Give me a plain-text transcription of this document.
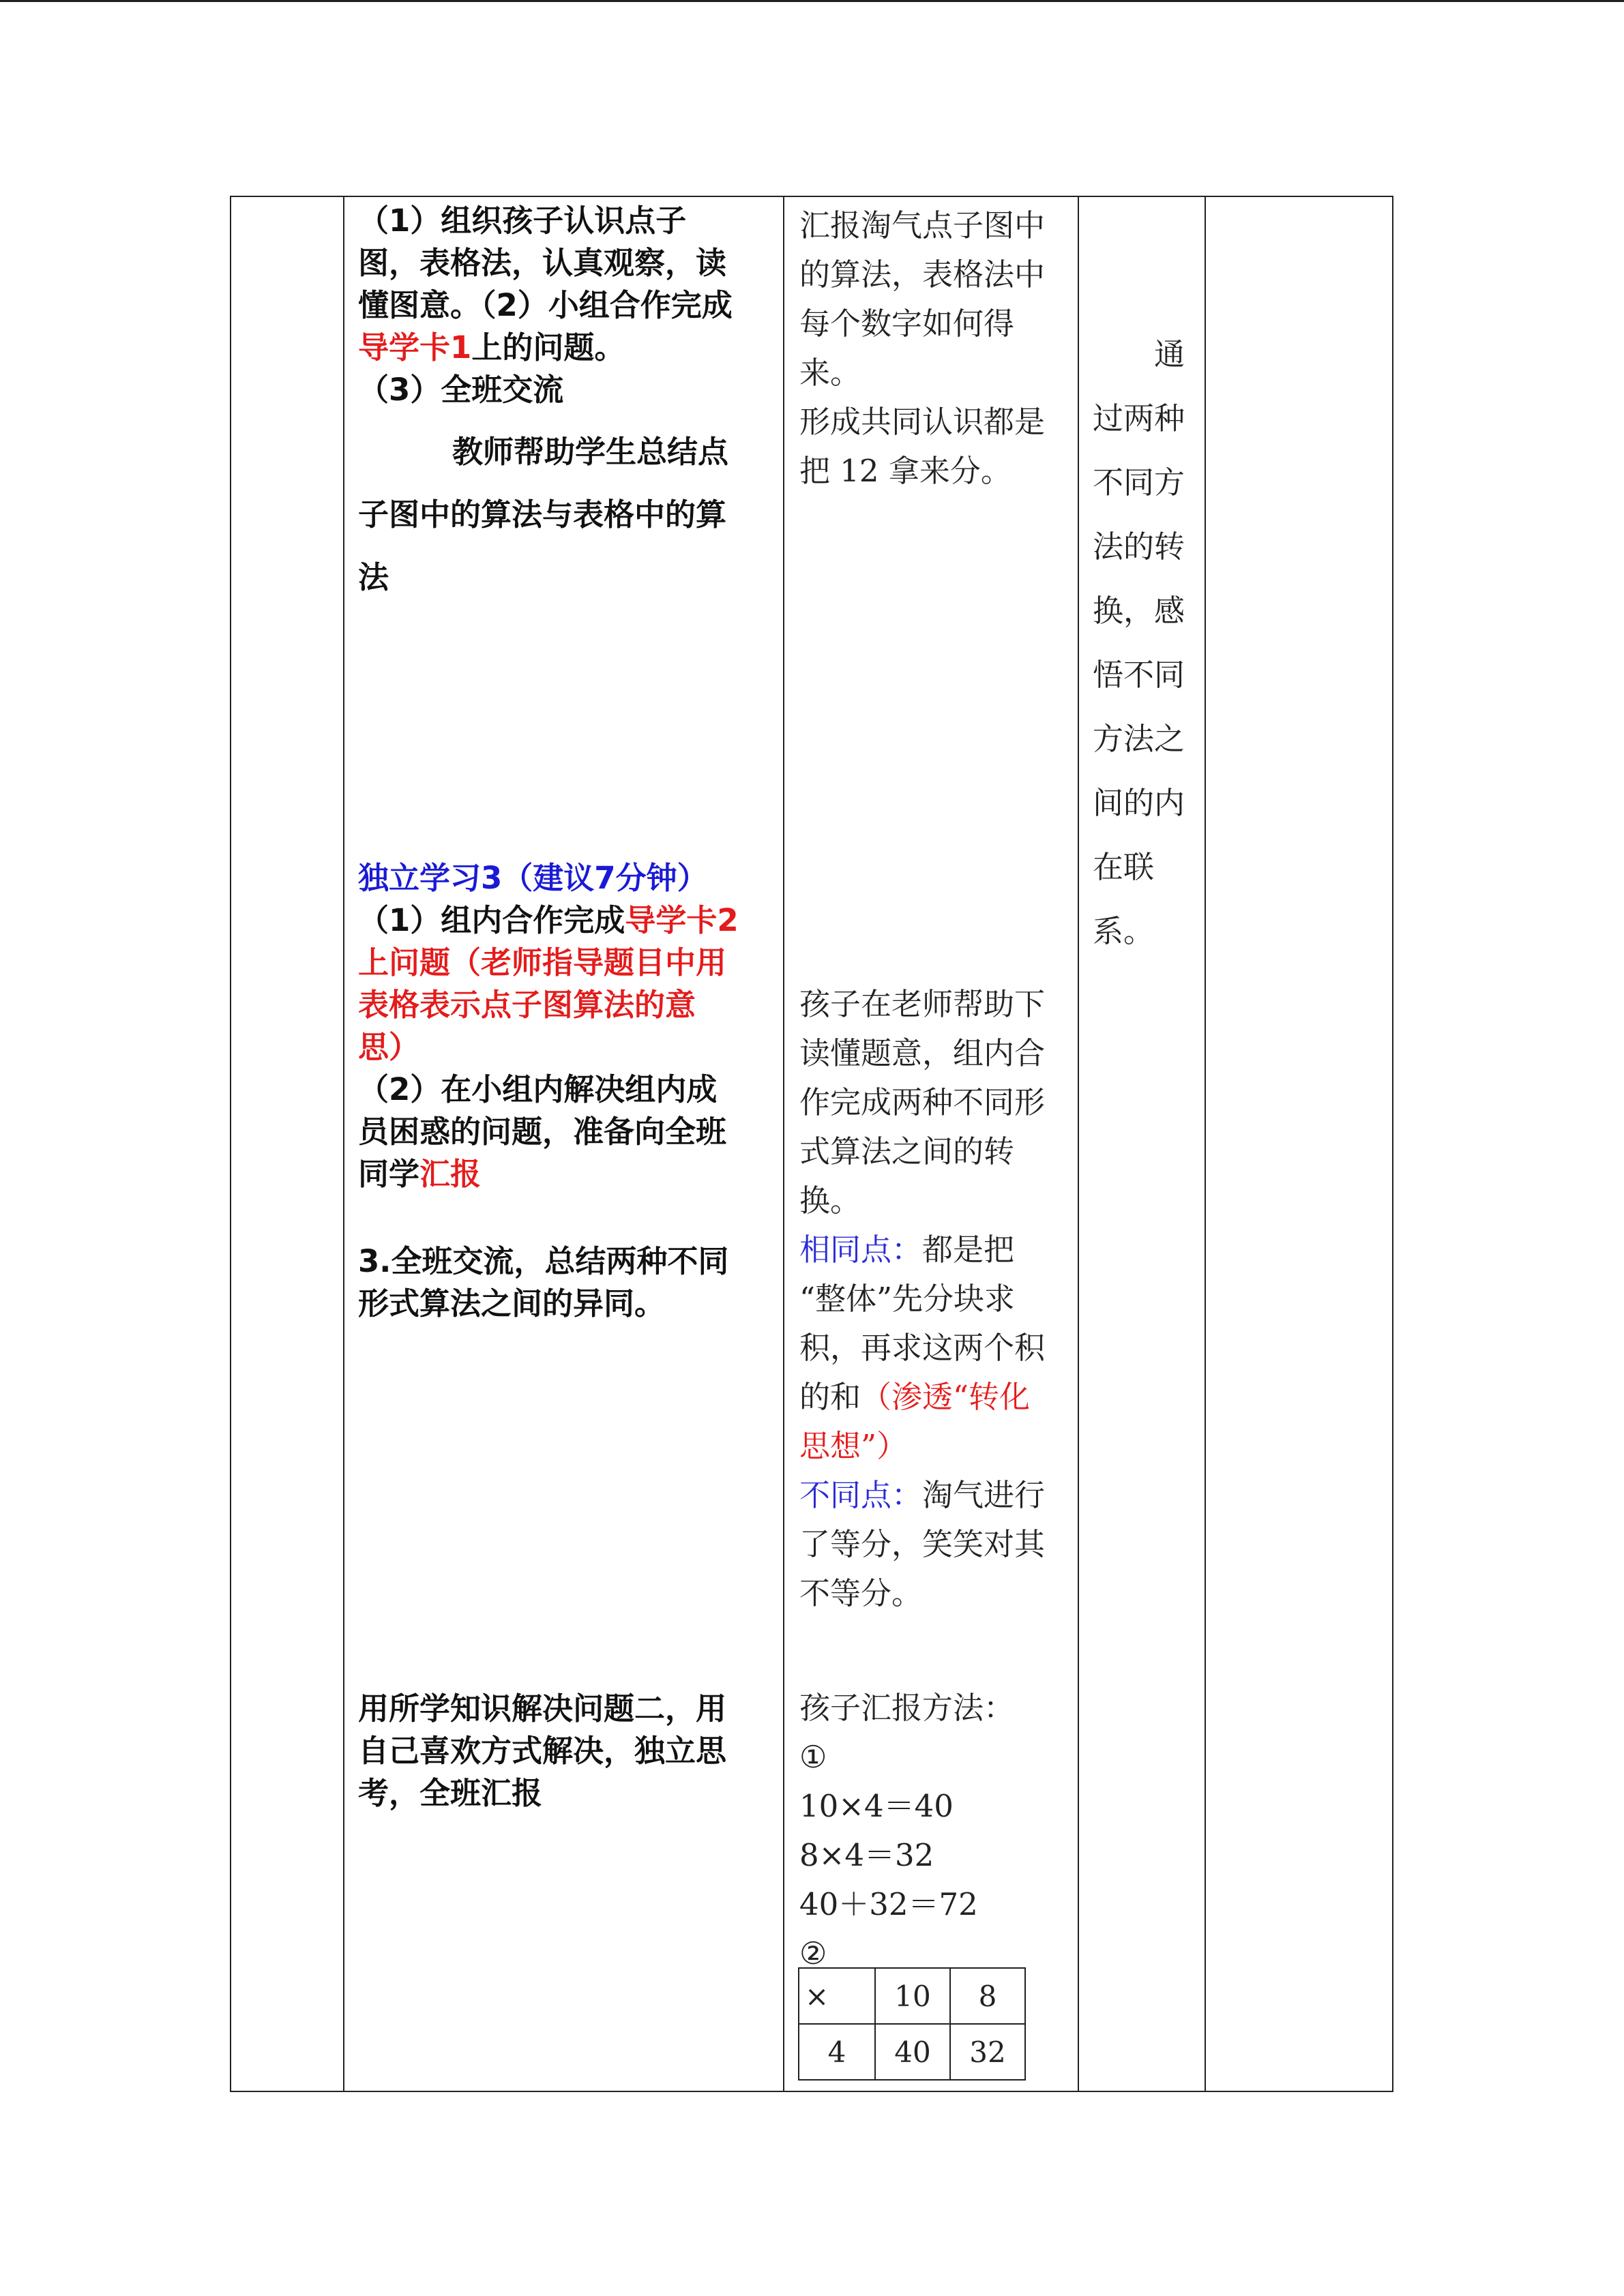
（1）组织孩子认识点子
图，表格法，认真观察，读
懂图意。（2）小组合作完成
导学卡1上的问题。
（3）全班交流
教师帮助学生总结点
子图中的算法与表格中的算
法
独立学习3（建议7分钟）
（1）组内合作完成导学卡2
上问题（老师指导题目中用
表格表示点子图算法的意
思）
（2）在小组内解决组内成
员困惑的问题，准备向全班
同学汇报
3.全班交流，总结两种不同
形式算法之间的异同。
用所学知识解决问题二，用
自己喜欢方式解决，独立思
考，全班汇报
汇报淘气点子图中
的算法，表格法中
每个数字如何得
来。
形成共同认识都是
把 12 拿来分。
孩子在老师帮助下
读懂题意，组内合
作完成两种不同形
式算法之间的转
换。
相同点：都是把
“整体”先分块求
积，再求这两个积
的和（渗透“转化
思想”）
不同点：淘气进行
了等分，笑笑对其
不等分。
孩子汇报方法：
①
10×4＝40
8×4＝32
40＋32＝72
②
×	10	8
4	40	32
通
过两种
不同方
法的转
换，感
悟不同
方法之
间的内
在联
系。
